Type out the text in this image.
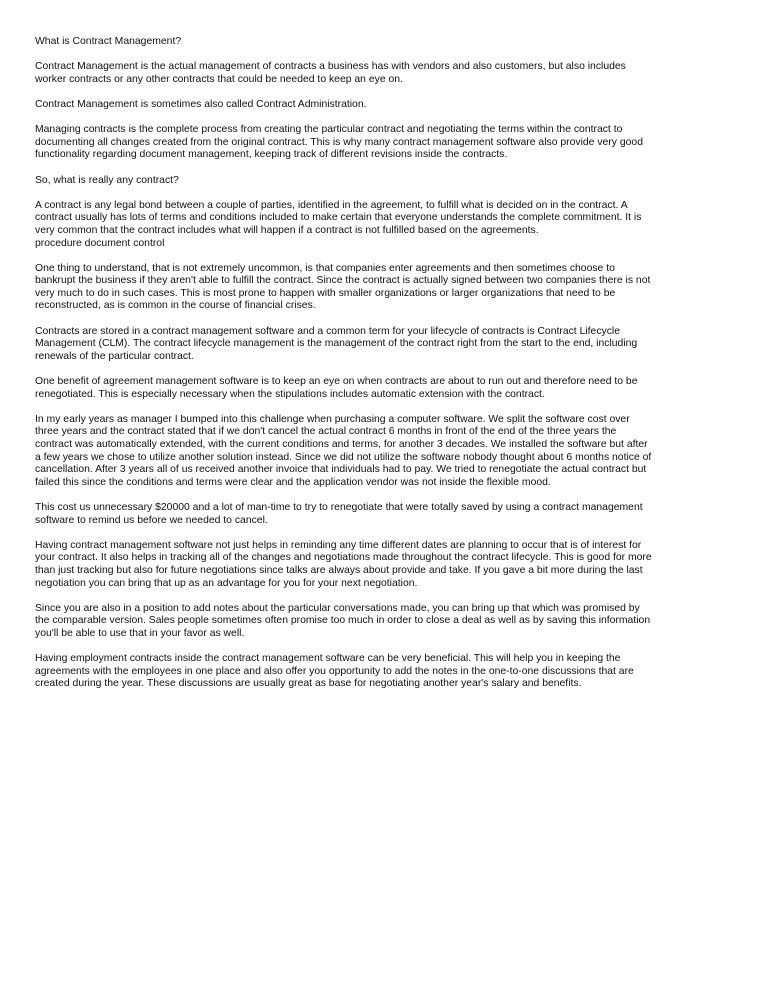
What is Contract Management?
Contract Management is the actual management of contracts a business has with vendors and also customers, but also includes
worker contracts or any other contracts that could be needed to keep an eye on.
Contract Management is sometimes also called Contract Administration.
Managing contracts is the complete process from creating the particular contract and negotiating the terms within the contract to
documenting all changes created from the original contract. This is why many contract management software also provide very good
functionality regarding document management, keeping track of different revisions inside the contracts.
So, what is really any contract?
A contract is any legal bond between a couple of parties, identified in the agreement, to fulfill what is decided on in the contract. A
contract usually has lots of terms and conditions included to make certain that everyone understands the complete commitment. It is
very common that the contract includes what will happen if a contract is not fulfilled based on the agreements.
procedure document control
One thing to understand, that is not extremely uncommon, is that companies enter agreements and then sometimes choose to
bankrupt the business if they aren't able to fulfill the contract. Since the contract is actually signed between two companies there is not
very much to do in such cases. This is most prone to happen with smaller organizations or larger organizations that need to be
reconstructed, as is common in the course of financial crises.
Contracts are stored in a contract management software and a common term for your lifecycle of contracts is Contract Lifecycle
Management (CLM). The contract lifecycle management is the management of the contract right from the start to the end, including
renewals of the particular contract.
One benefit of agreement management software is to keep an eye on when contracts are about to run out and therefore need to be
renegotiated. This is especially necessary when the stipulations includes automatic extension with the contract.
In my early years as manager I bumped into this challenge when purchasing a computer software. We split the software cost over
three years and the contract stated that if we don't cancel the actual contract 6 months in front of the end of the three years the
contract was automatically extended, with the current conditions and terms, for another 3 decades. We installed the software but after
a few years we chose to utilize another solution instead. Since we did not utilize the software nobody thought about 6 months notice of
cancellation. After 3 years all of us received another invoice that individuals had to pay. We tried to renegotiate the actual contract but
failed this since the conditions and terms were clear and the application vendor was not inside the flexible mood.
This cost us unnecessary $20000 and a lot of man-time to try to renegotiate that were totally saved by using a contract management
software to remind us before we needed to cancel.
Having contract management software not just helps in reminding any time different dates are planning to occur that is of interest for
your contract. It also helps in tracking all of the changes and negotiations made throughout the contract lifecycle. This is good for more
than just tracking but also for future negotiations since talks are always about provide and take. If you gave a bit more during the last
negotiation you can bring that up as an advantage for you for your next negotiation.
Since you are also in a position to add notes about the particular conversations made, you can bring up that which was promised by
the comparable version. Sales people sometimes often promise too much in order to close a deal as well as by saving this information
you'll be able to use that in your favor as well.
Having employment contracts inside the contract management software can be very beneficial. This will help you in keeping the
agreements with the employees in one place and also offer you opportunity to add the notes in the one-to-one discussions that are
created during the year. These discussions are usually great as base for negotiating another year's salary and benefits.
